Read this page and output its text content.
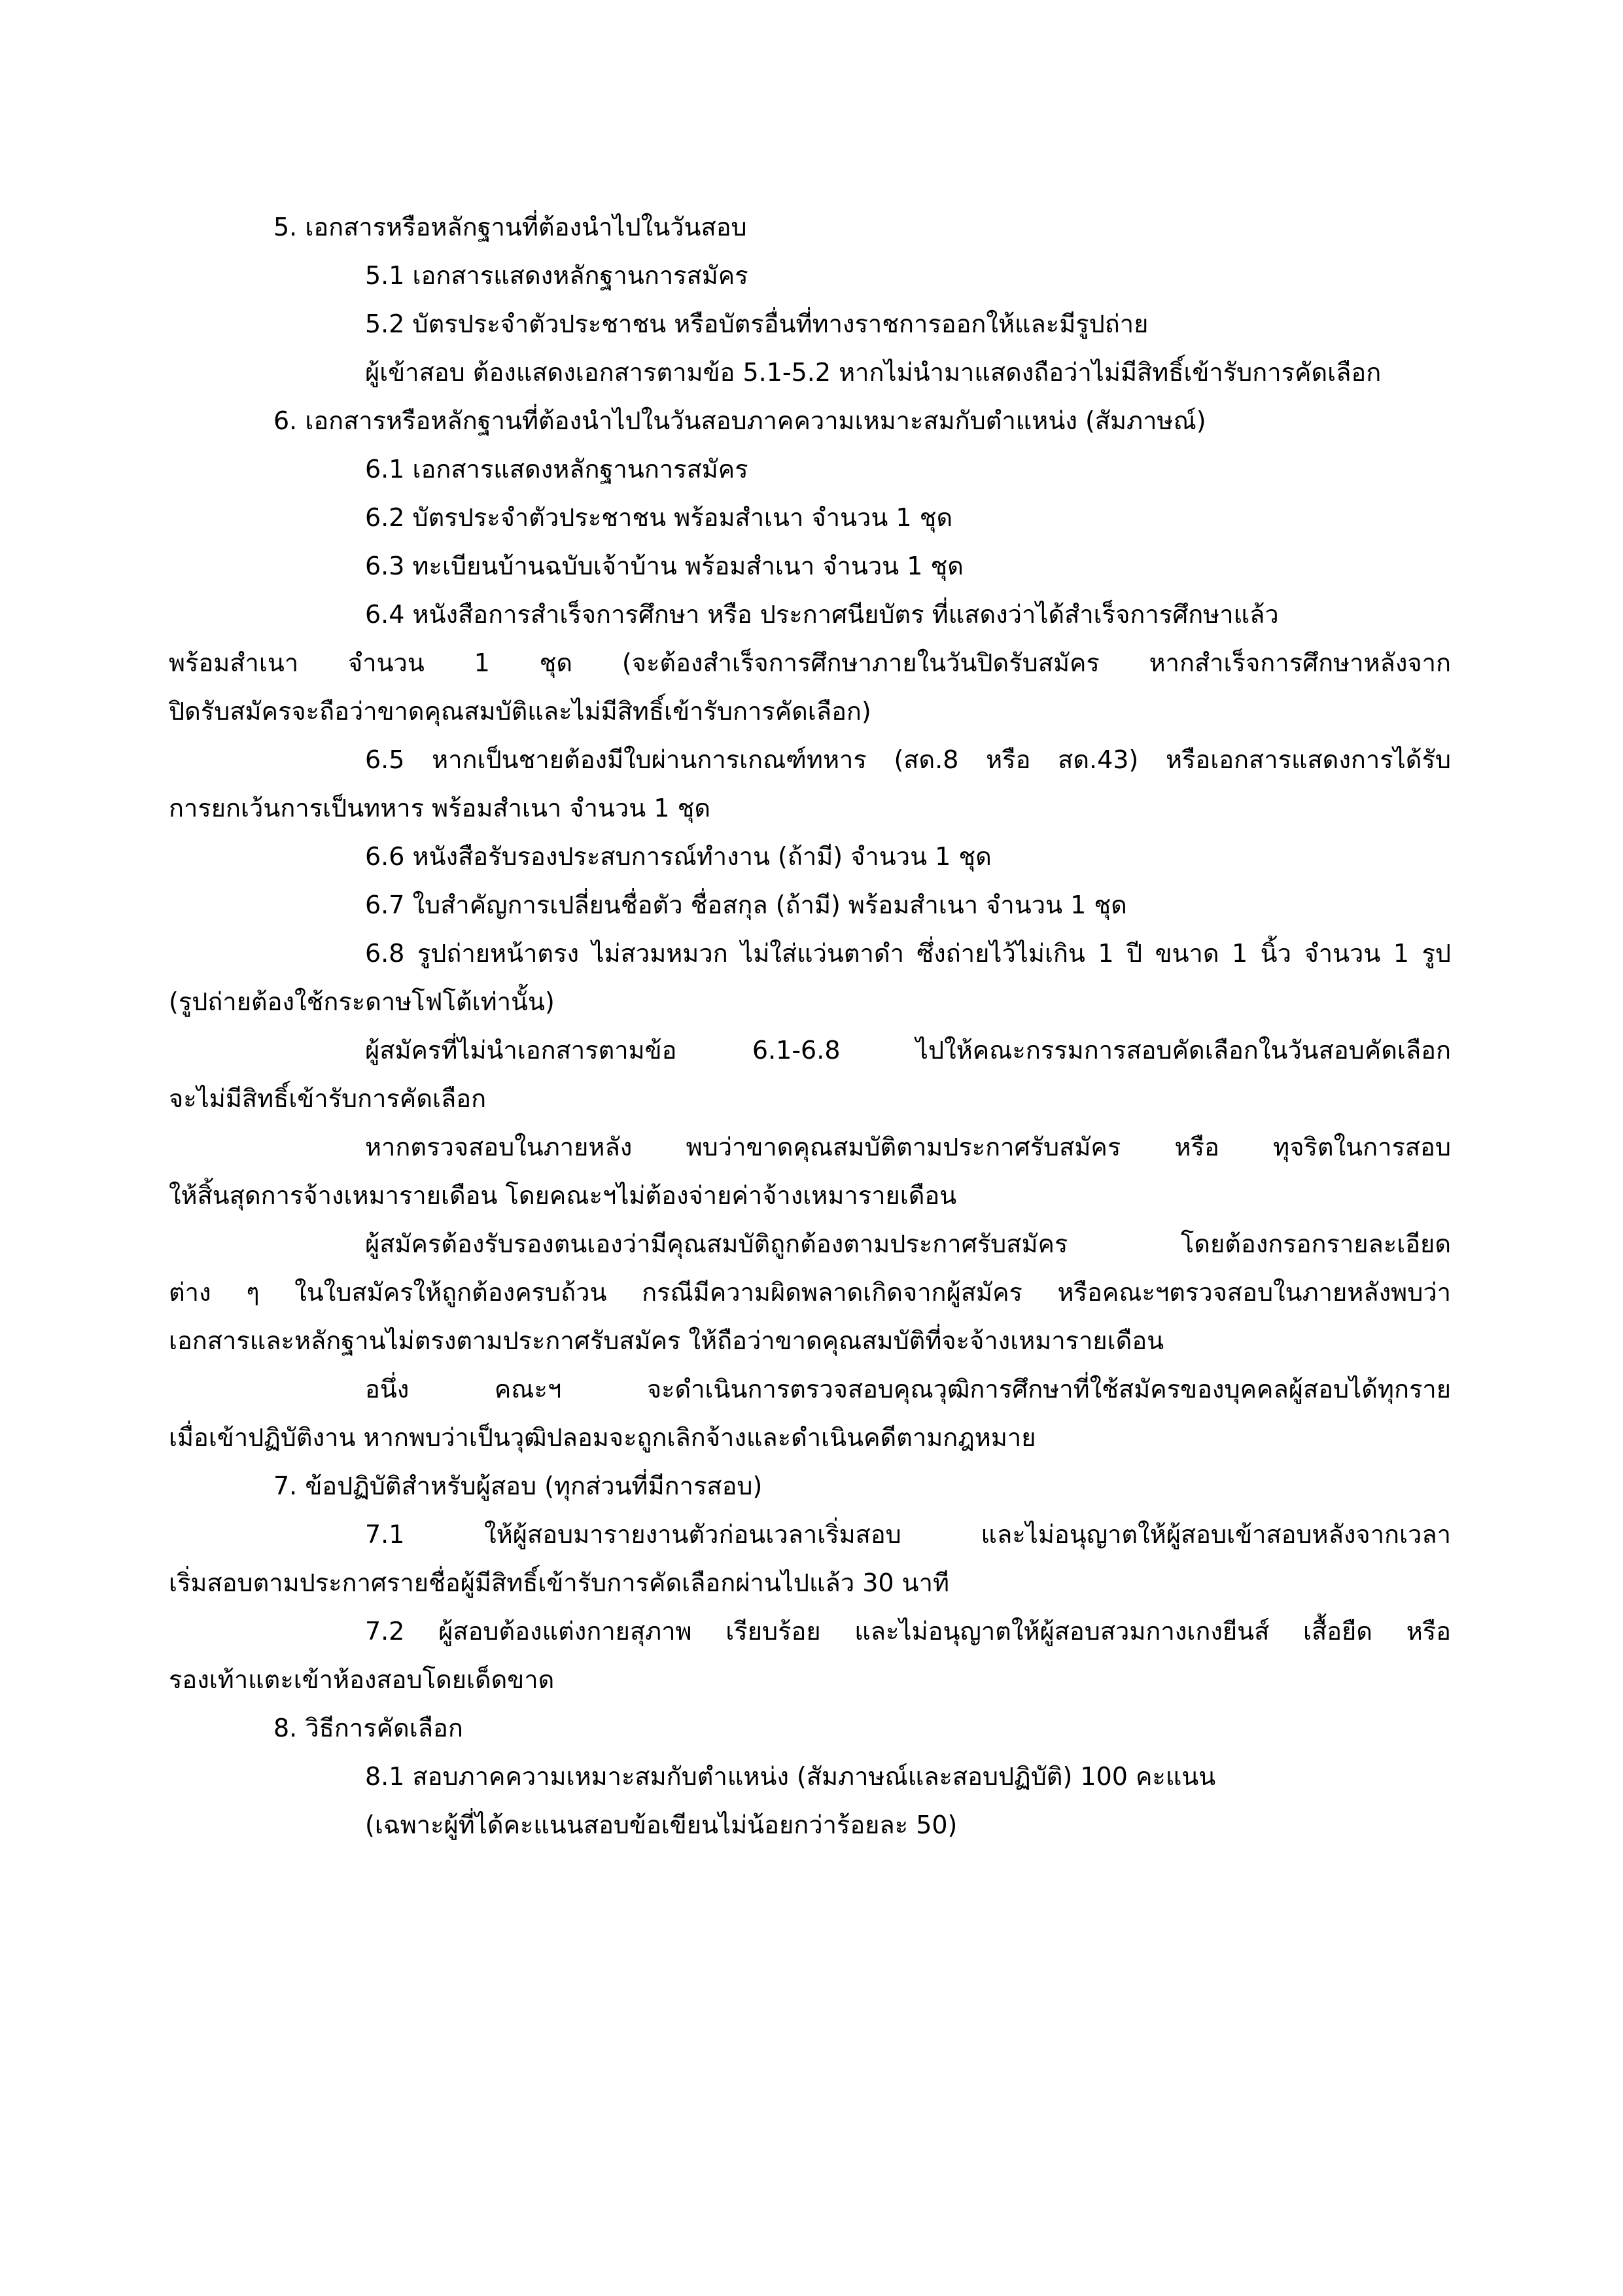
5. เอกสารหรือหลักฐานที่ต้องนำไปในวันสอบ
5.1 เอกสารแสดงหลักฐานการสมัคร
5.2 บัตรประจำตัวประชาชน หรือบัตรอื่นที่ทางราชการออกให้และมีรูปถ่าย
ผู้เข้าสอบ ต้องแสดงเอกสารตามข้อ 5.1-5.2 หากไม่นำมาแสดงถือว่าไม่มีสิทธิ์เข้ารับการคัดเลือก
6. เอกสารหรือหลักฐานที่ต้องนำไปในวันสอบภาคความเหมาะสมกับตำแหน่ง (สัมภาษณ์)
6.1 เอกสารแสดงหลักฐานการสมัคร
6.2 บัตรประจำตัวประชาชน พร้อมสำเนา จำนวน 1 ชุด
6.3 ทะเบียนบ้านฉบับเจ้าบ้าน พร้อมสำเนา จำนวน 1 ชุด
6.4 หนังสือการสำเร็จการศึกษา หรือ ประกาศนียบัตร ที่แสดงว่าได้สำเร็จการศึกษาแล้ว
พร้อมสำเนา จำนวน 1 ชุด (จะต้องสำเร็จการศึกษาภายในวันปิดรับสมัคร หากสำเร็จการศึกษาหลังจาก
ปิดรับสมัครจะถือว่าขาดคุณสมบัติและไม่มีสิทธิ์เข้ารับการคัดเลือก)
6.5 หากเป็นชายต้องมีใบผ่านการเกณฑ์ทหาร (สด.8 หรือ สด.43) หรือเอกสารแสดงการได้รับ
การยกเว้นการเป็นทหาร พร้อมสำเนา จำนวน 1 ชุด
6.6 หนังสือรับรองประสบการณ์ทำงาน (ถ้ามี) จำนวน 1 ชุด
6.7 ใบสำคัญการเปลี่ยนชื่อตัว ชื่อสกุล (ถ้ามี) พร้อมสำเนา จำนวน 1 ชุด
6.8 รูปถ่ายหน้าตรง ไม่สวมหมวก ไม่ใส่แว่นตาดำ ซึ่งถ่ายไว้ไม่เกิน 1 ปี ขนาด 1 นิ้ว จำนวน 1 รูป
(รูปถ่ายต้องใช้กระดาษโฟโต้เท่านั้น)
ผู้สมัครที่ไม่นำเอกสารตามข้อ 6.1-6.8 ไปให้คณะกรรมการสอบคัดเลือกในวันสอบคัดเลือก
จะไม่มีสิทธิ์เข้ารับการคัดเลือก
หากตรวจสอบในภายหลัง พบว่าขาดคุณสมบัติตามประกาศรับสมัคร หรือ ทุจริตในการสอบ
ให้สิ้นสุดการจ้างเหมารายเดือน โดยคณะฯไม่ต้องจ่ายค่าจ้างเหมารายเดือน
ผู้สมัครต้องรับรองตนเองว่ามีคุณสมบัติถูกต้องตามประกาศรับสมัคร โดยต้องกรอกรายละเอียด
ต่าง ๆ ในใบสมัครให้ถูกต้องครบถ้วน กรณีมีความผิดพลาดเกิดจากผู้สมัคร หรือคณะฯตรวจสอบในภายหลังพบว่า
เอกสารและหลักฐานไม่ตรงตามประกาศรับสมัคร ให้ถือว่าขาดคุณสมบัติที่จะจ้างเหมารายเดือน
อนึ่ง คณะฯ จะดำเนินการตรวจสอบคุณวุฒิการศึกษาที่ใช้สมัครของบุคคลผู้สอบได้ทุกราย
เมื่อเข้าปฏิบัติงาน หากพบว่าเป็นวุฒิปลอมจะถูกเลิกจ้างและดำเนินคดีตามกฎหมาย
7. ข้อปฏิบัติสำหรับผู้สอบ (ทุกส่วนที่มีการสอบ)
7.1 ให้ผู้สอบมารายงานตัวก่อนเวลาเริ่มสอบ และไม่อนุญาตให้ผู้สอบเข้าสอบหลังจากเวลา
เริ่มสอบตามประกาศรายชื่อผู้มีสิทธิ์เข้ารับการคัดเลือกผ่านไปแล้ว 30 นาที
7.2 ผู้สอบต้องแต่งกายสุภาพ เรียบร้อย และไม่อนุญาตให้ผู้สอบสวมกางเกงยีนส์ เสื้อยืด หรือ
รองเท้าแตะเข้าห้องสอบโดยเด็ดขาด
8. วิธีการคัดเลือก
8.1 สอบภาคความเหมาะสมกับตำแหน่ง (สัมภาษณ์และสอบปฏิบัติ) 100 คะแนน
(เฉพาะผู้ที่ได้คะแนนสอบข้อเขียนไม่น้อยกว่าร้อยละ 50)
